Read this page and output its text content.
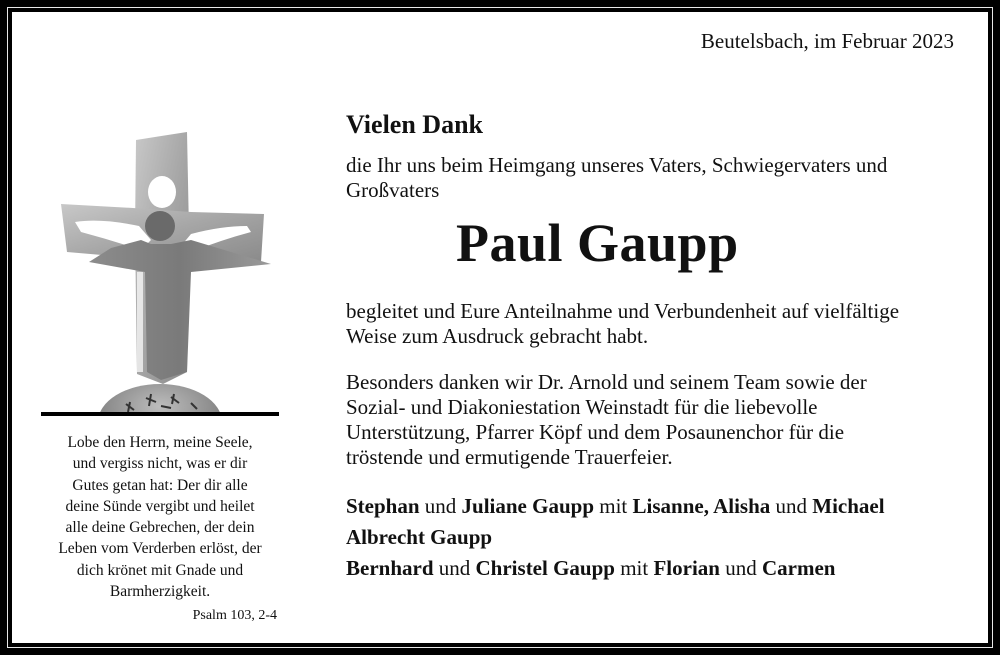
Beutelsbach, im Februar 2023
Lobe den Herrn, meine Seele,
und vergiss nicht, was er dir
Gutes getan hat: Der dir alle
deine Sünde vergibt und heilet
alle deine Gebrechen, der dein
Leben vom Verderben erlöst, der
dich krönet mit Gnade und
Barmherzigkeit.
Psalm 103, 2-4
Vielen Dank
die Ihr uns beim Heimgang unseres Vaters, Schwiegervaters und
Großvaters
Paul Gaupp
begleitet und Eure Anteilnahme und Verbundenheit auf vielfältige
Weise zum Ausdruck gebracht habt.
Besonders danken wir Dr. Arnold und seinem Team sowie der
Sozial- und Diakoniestation Weinstadt für die liebevolle
Unterstützung, Pfarrer Köpf und dem Posaunenchor für die
tröstende und ermutigende Trauerfeier.
Stephan und Juliane Gaupp mit Lisanne, Alisha und Michael
Albrecht Gaupp
Bernhard und Christel Gaupp mit Florian und Carmen
